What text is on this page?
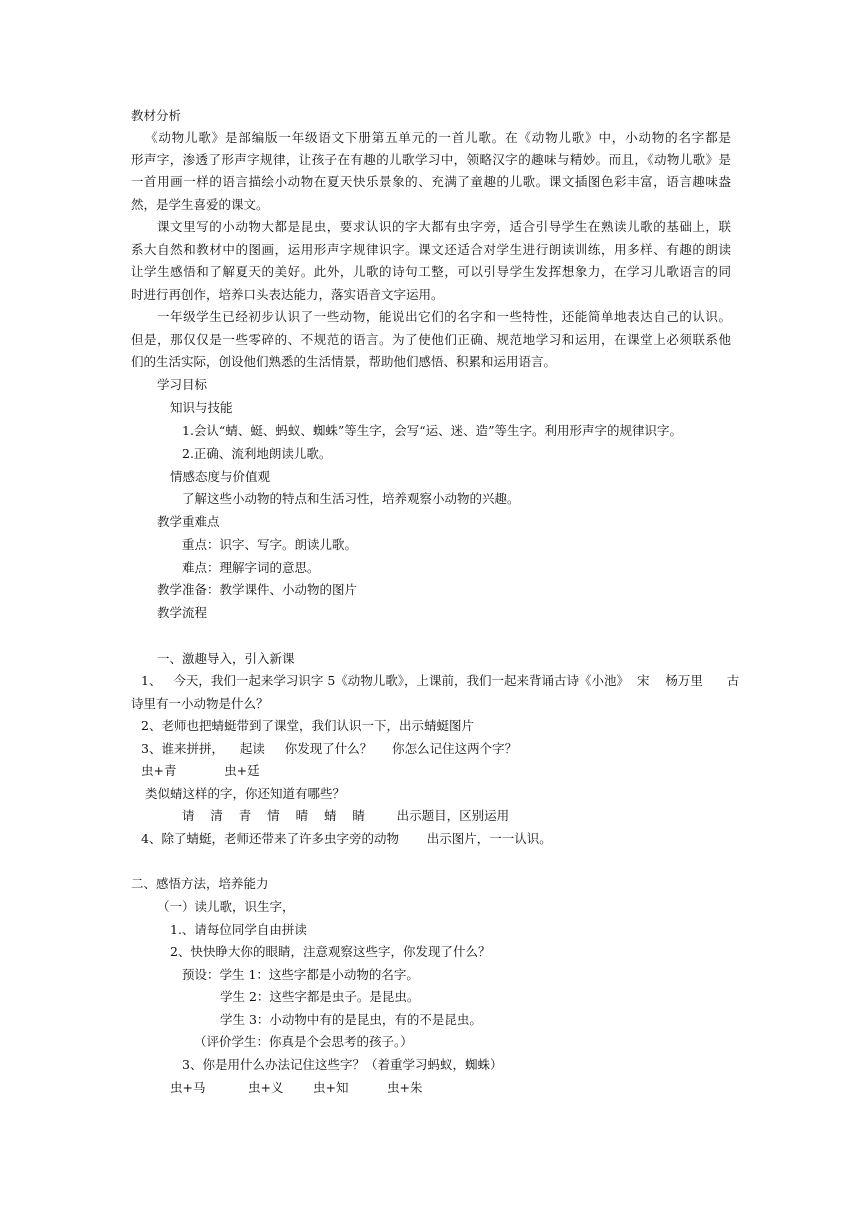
教材分析
《动物儿歌》是部编版一年级语文下册第五单元的一首儿歌。在《动物儿歌》中，小动物的名字都是
形声字，渗透了形声字规律，让孩子在有趣的儿歌学习中，领略汉字的趣味与精妙。而且，《动物儿歌》是
一首用画一样的语言描绘小动物在夏天快乐景象的、充满了童趣的儿歌。课文插图色彩丰富，语言趣味盎
然，是学生喜爱的课文。
课文里写的小动物大都是昆虫，要求认识的字大都有虫字旁，适合引导学生在熟读儿歌的基础上，联
系大自然和教材中的图画，运用形声字规律识字。课文还适合对学生进行朗读训练，用多样、有趣的朗读
让学生感悟和了解夏天的美好。此外，儿歌的诗句工整，可以引导学生发挥想象力，在学习儿歌语言的同
时进行再创作，培养口头表达能力，落实语音文字运用。
一年级学生已经初步认识了一些动物，能说出它们的名字和一些特性，还能简单地表达自己的认识。
但是，那仅仅是一些零碎的、不规范的语言。为了使他们正确、规范地学习和运用，在课堂上必须联系他
们的生活实际，创设他们熟悉的生活情景，帮助他们感悟、积累和运用语言。
学习目标
知识与技能
1.会认“蜻、蜓、蚂蚁、蜘蛛”等生字，会写“运、迷、造”等生字。利用形声字的规律识字。
2.正确、流利地朗读儿歌。
情感态度与价值观
了解这些小动物的特点和生活习性，培养观察小动物的兴趣。
教学重难点
重点：识字、写字。朗读儿歌。
难点：理解字词的意思。
教学准备：教学课件、小动物的图片
教学流程
一、激趣导入，引入新课
1、   今天，我们一起来学习识字 5《动物儿歌》，上课前，我们一起来背诵古诗《小池》  宋    杨万里      古
诗里有一小动物是什么？
2、老师也把蜻蜓带到了课堂，我们认识一下，出示蜻蜓图片
3、谁来拼拼，    起读     你发现了什么？     你怎么记住这两个字？
虫+青            虫+廷
类似蜻这样的字，你还知道有哪些？
请    清    青    情    晴    蜻    睛        出示题目，区别运用
4、除了蜻蜓，老师还带来了许多虫字旁的动物       出示图片，一一认识。
二、感悟方法，培养能力
（一）读儿歌，识生字，
1.、请每位同学自由拼读
2、快快睁大你的眼睛，注意观察这些字，你发现了什么？
预设：学生 1：这些字都是小动物的名字。
学生 2：这些字都是虫子。是昆虫。
学生 3：小动物中有的是昆虫，有的不是昆虫。
（评价学生：你真是个会思考的孩子。）
3、你是用什么办法记住这些字？（着重学习蚂蚁，蜘蛛）
虫+马	虫+义 虫+知	虫+朱
